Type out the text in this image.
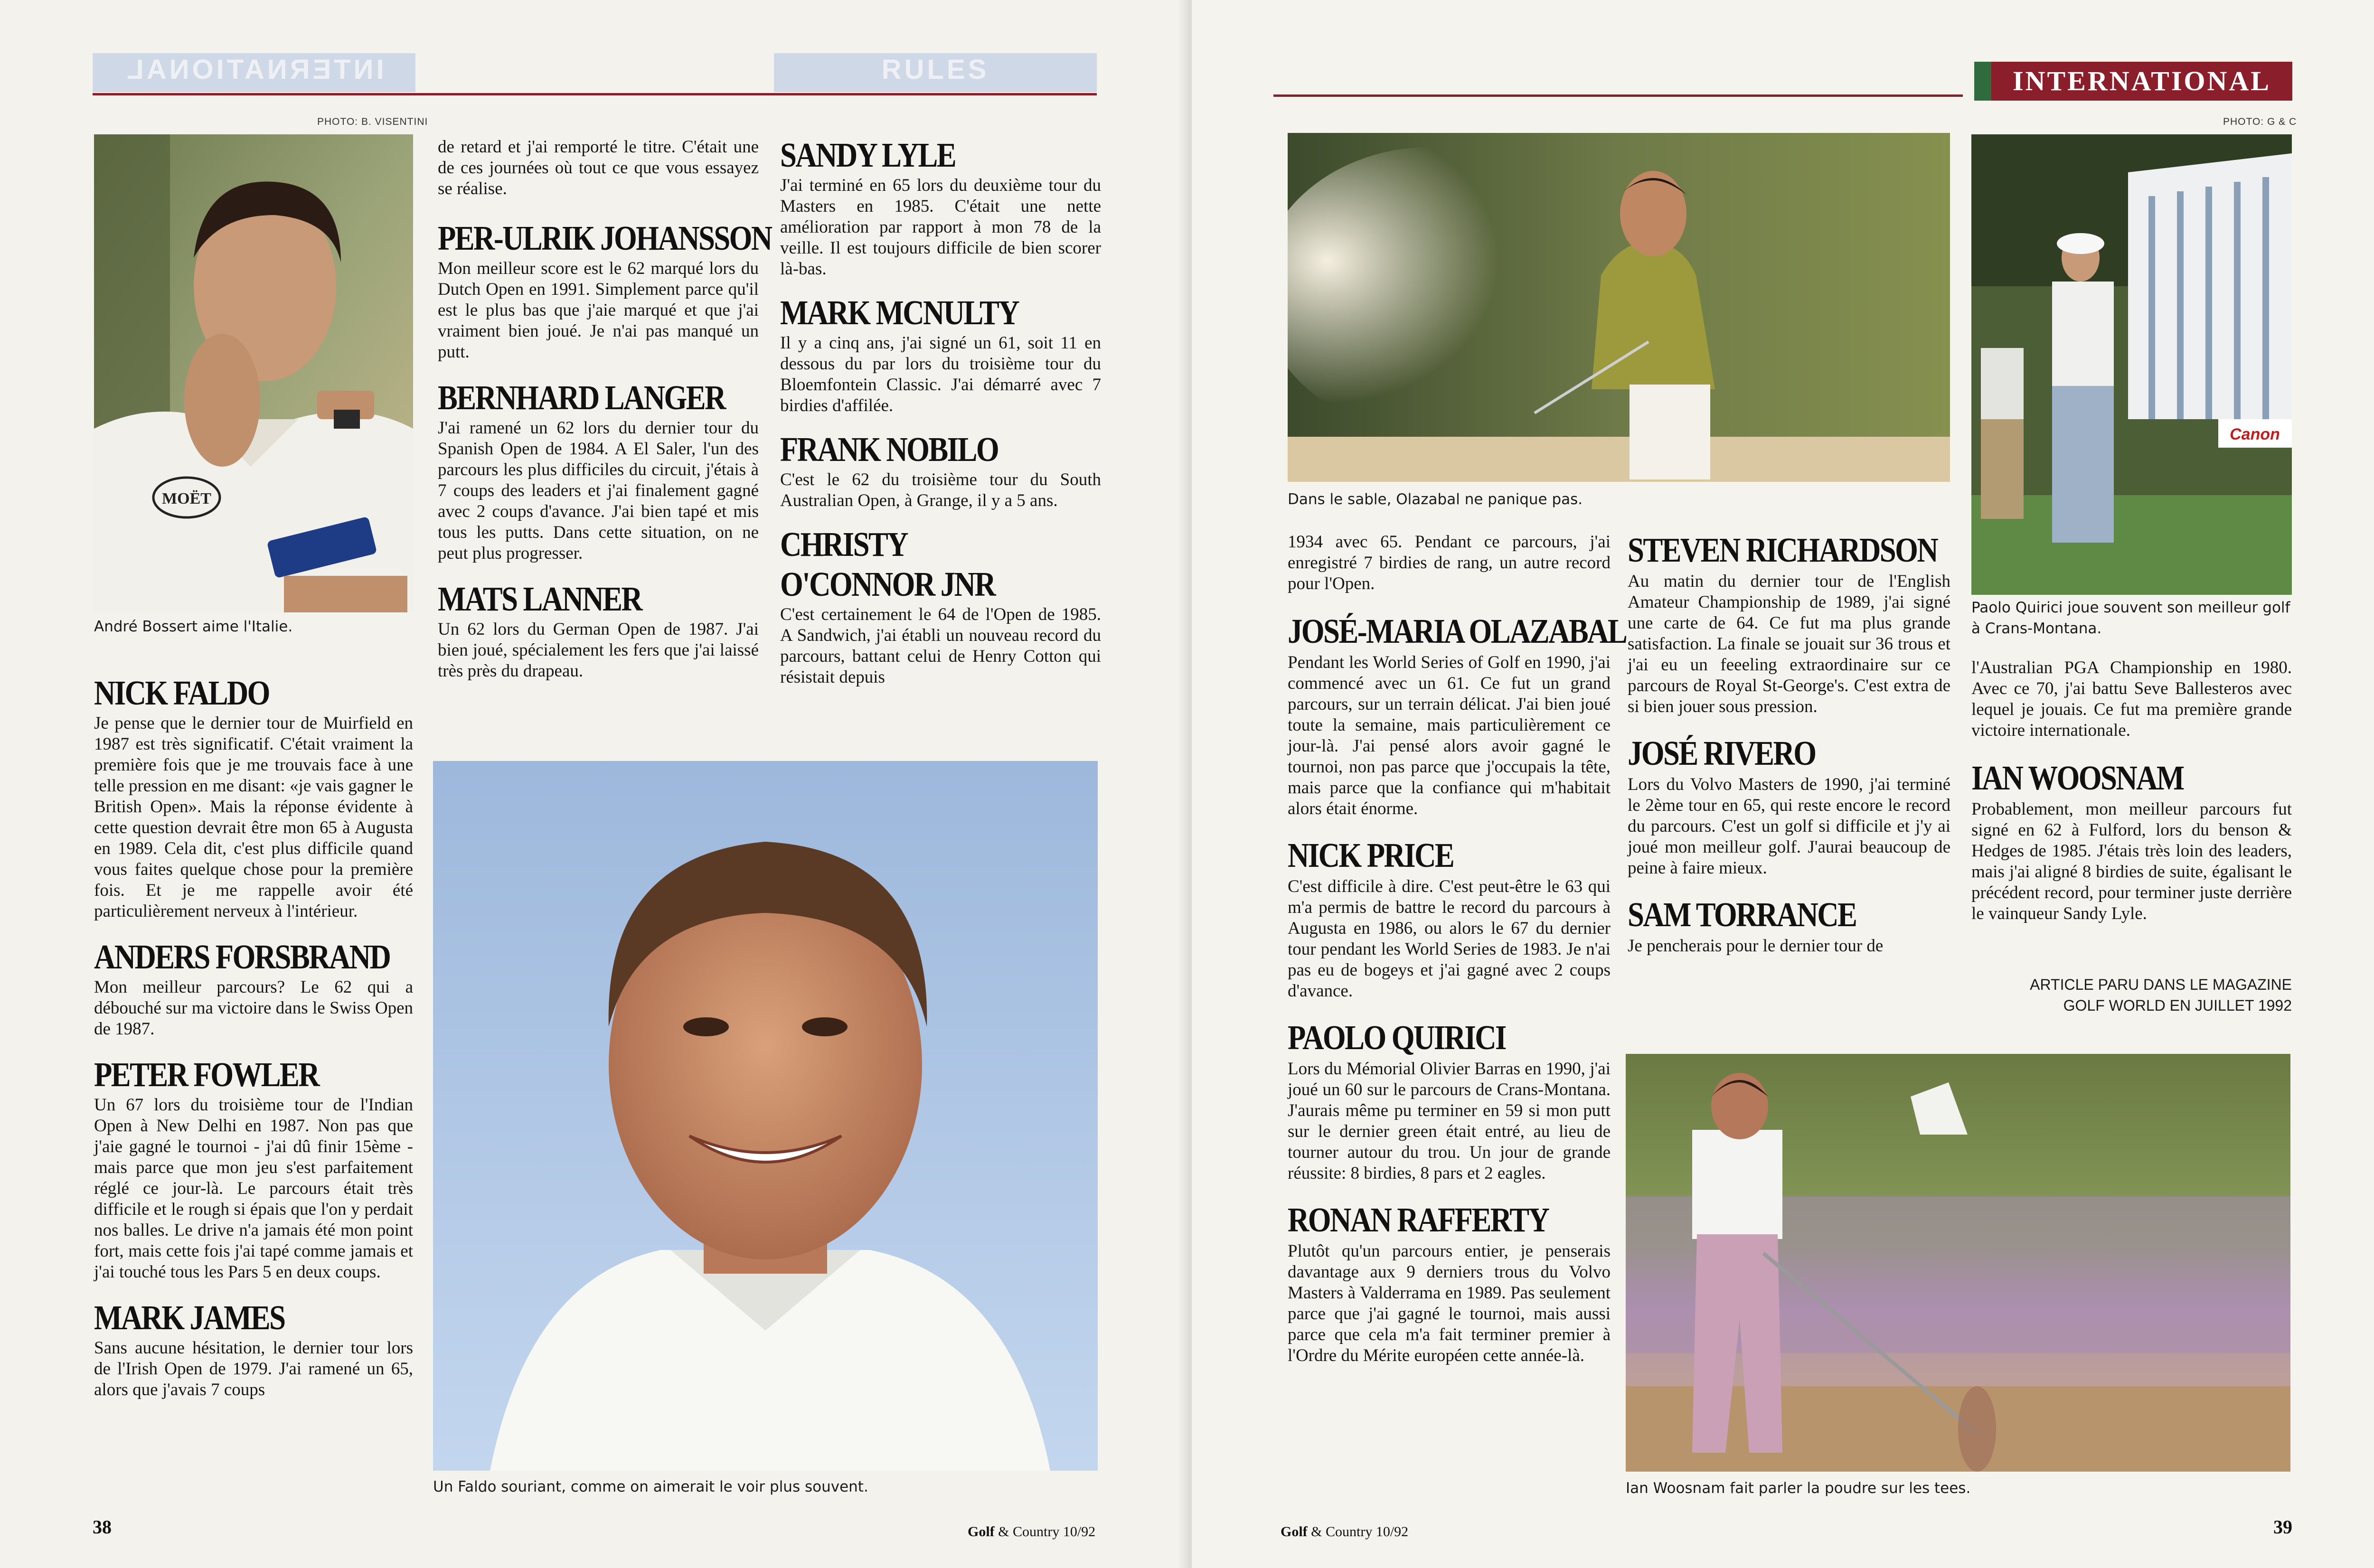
INTERNATIONAL	RULES
PHOTO: B. VISENTINI
MOËT
André Bossert aime l'Italie.
NICK FALDO

Je pense que le dernier tour de Muirfield en 1987 est très significatif. C'était vraiment la première fois que je me trouvais face à une telle pression en me disant: «je vais gagner le British Open». Mais la réponse évidente à cette question devrait être mon 65 à Augusta en 1989. Cela dit, c'est plus difficile quand vous faites quelque chose pour la première fois. Et je me rappelle avoir été particulièrement nerveux à l'intérieur.

ANDERS FORSBRAND

Mon meilleur parcours? Le 62 qui a débouché sur ma victoire dans le Swiss Open de 1987.

PETER FOWLER

Un 67 lors du troisième tour de l'Indian Open à New Delhi en 1987. Non pas que j'aie gagné le tournoi - j'ai dû finir 15ème - mais parce que mon jeu s'est parfaitement réglé ce jour-là. Le parcours était très difficile et le rough si épais que l'on y perdait nos balles. Le drive n'a jamais été mon point fort, mais cette fois j'ai tapé comme jamais et j'ai touché tous les Pars 5 en deux coups.

MARK JAMES

Sans aucune hésitation, le dernier tour lors de l'Irish Open de 1979. J'ai ramené un 65, alors que j'avais 7 coups

de retard et j'ai remporté le titre. C'était une de ces journées où tout ce que vous essayez se réalise.

PER-ULRIK JOHANSSON

Mon meilleur score est le 62 marqué lors du Dutch Open en 1991. Simplement parce qu'il est le plus bas que j'aie marqué et que j'ai vraiment bien joué. Je n'ai pas manqué un putt.

BERNHARD LANGER

J'ai ramené un 62 lors du dernier tour du Spanish Open de 1984. A El Saler, l'un des parcours les plus difficiles du circuit, j'étais à 7 coups des leaders et j'ai finalement gagné avec 2 coups d'avance. J'ai bien tapé et mis tous les putts. Dans cette situation, on ne peut plus progresser.

MATS LANNER

Un 62 lors du German Open de 1987. J'ai bien joué, spécialement les fers que j'ai laissé très près du drapeau.

SANDY LYLE

J'ai terminé en 65 lors du deuxième tour du Masters en 1985. C'était une nette amélioration par rapport à mon 78 de la veille. Il est toujours difficile de bien scorer là-bas.

MARK MCNULTY

Il y a cinq ans, j'ai signé un 61, soit 11 en dessous du par lors du troisième tour du Bloemfontein Classic. J'ai démarré avec 7 birdies d'affilée.

FRANK NOBILO

C'est le 62 du troisième tour du South Australian Open, à Grange, il y a 5 ans.

CHRISTY
O'CONNOR JNR

C'est certainement le 64 de l'Open de 1985. A Sandwich, j'ai établi un nouveau record du parcours, battant celui de Henry Cotton qui résistait depuis

Un Faldo souriant, comme on aimerait le voir plus souvent.
38	Golf & Country 10/92
INTERNATIONAL
PHOTO: G & C
Dans le sable, Olazabal ne panique pas.
Canon
Paolo Quirici joue souvent son meilleur golf à Crans-Montana.

1934 avec 65. Pendant ce parcours, j'ai enregistré 7 birdies de rang, un autre record pour l'Open.

JOSÉ-MARIA OLAZABAL

Pendant les World Series of Golf en 1990, j'ai commencé avec un 61. Ce fut un grand parcours, sur un terrain délicat. J'ai bien joué toute la semaine, mais particulièrement ce jour-là. J'ai pensé alors avoir gagné le tournoi, non pas parce que j'occupais la tête, mais parce que la confiance qui m'habitait alors était énorme.

NICK PRICE

C'est difficile à dire. C'est peut-être le 63 qui m'a permis de battre le record du parcours à Augusta en 1986, ou alors le 67 du dernier tour pendant les World Series de 1983. Je n'ai pas eu de bogeys et j'ai gagné avec 2 coups d'avance.

PAOLO QUIRICI

Lors du Mémorial Olivier Barras en 1990, j'ai joué un 60 sur le parcours de Crans-Montana. J'aurais même pu terminer en 59 si mon putt sur le dernier green était entré, au lieu de tourner autour du trou. Un jour de grande réussite: 8 birdies, 8 pars et 2 eagles.

RONAN RAFFERTY

Plutôt qu'un parcours entier, je penserais davantage aux 9 derniers trous du Volvo Masters à Valderrama en 1989. Pas seulement parce que j'ai gagné le tournoi, mais aussi parce que cela m'a fait terminer premier à l'Ordre du Mérite européen cette année-là.

STEVEN RICHARDSON

Au matin du dernier tour de l'English Amateur Championship de 1989, j'ai signé une carte de 64. Ce fut ma plus grande satisfaction. La finale se jouait sur 36 trous et j'ai eu un feeeling extraordinaire sur ce parcours de Royal St-George's. C'est extra de si bien jouer sous pression.

JOSÉ RIVERO

Lors du Volvo Masters de 1990, j'ai terminé le 2ème tour en 65, qui reste encore le record du parcours. C'est un golf si difficile et j'y ai joué mon meilleur golf. J'aurai beaucoup de peine à faire mieux.

SAM TORRANCE

Je pencherais pour le dernier tour de

l'Australian PGA Championship en 1980. Avec ce 70, j'ai battu Seve Ballesteros avec lequel je jouais. Ce fut ma première grande victoire internationale.

IAN WOOSNAM

Probablement, mon meilleur parcours fut signé en 62 à Fulford, lors du benson & Hedges de 1985. J'étais très loin des leaders, mais j'ai aligné 8 birdies de suite, égalisant le précédent record, pour terminer juste derrière le vainqueur Sandy Lyle.

ARTICLE PARU DANS LE MAGAZINE
GOLF WORLD EN JUILLET 1992
Ian Woosnam fait parler la poudre sur les tees.
Golf & Country 10/92	39
